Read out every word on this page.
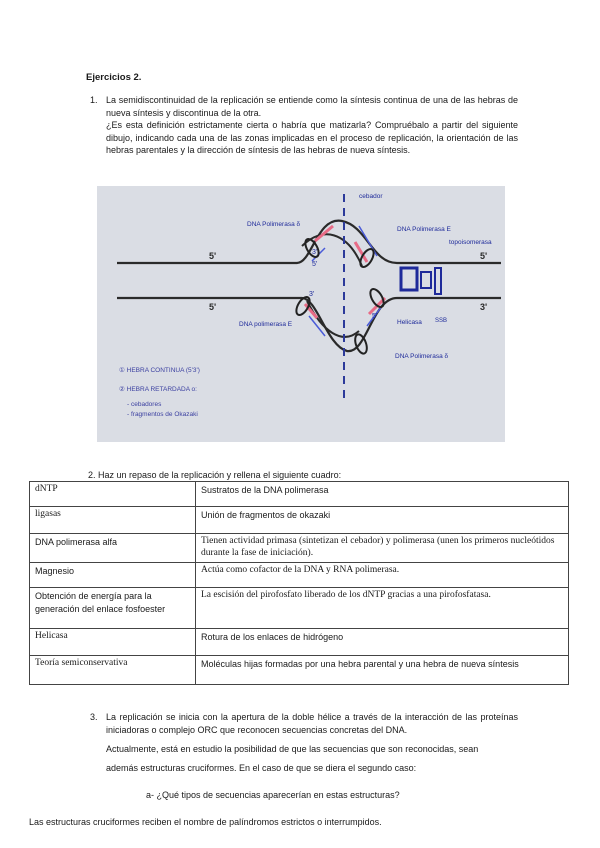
Ejercicios 2.
1. La semidiscontinuidad de la replicación se entiende como la síntesis continua de una de las hebras de nueva síntesis y discontinua de la otra.

¿Es esta definición estrictamente cierta o habría que matizarla? Compruébalo a partir del siguiente dibujo, indicando cada una de las zonas implicadas en el proceso de replicación, la orientación de las hebras parentales y la dirección de síntesis de las hebras de nueva síntesis.

cebador
DNA Polimerasa δ
DNA Polimerasa E
topoisomerasa
5'	5'
5'	3'
3'
5'
3'
5'
DNA polimerasa E	Helicasa SSB
DNA Polimerasa δ
① HEBRA CONTINUA (5'3')
② HEBRA RETARDADA o:
- cebadores
- fragmentos de Okazaki
2. Haz un repaso de la replicación y rellena el siguiente cuadro:
dNTP	Sustratos de la DNA polimerasa
ligasas	Unión de fragmentos de okazaki
DNA polimerasa alfa	Tienen actividad primasa (sintetizan el cebador) y polimerasa (unen los primeros nucleótidos durante la fase de iniciación).
Magnesio	Actúa como cofactor de la DNA y RNA polimerasa.
Obtención de energía para la generación del enlace fosfoester	La escisión del pirofosfato liberado de los dNTP gracias a una pirofosfatasa.
Helicasa	Rotura de los enlaces de hidrógeno
Teoría semiconservativa	Moléculas hijas formadas por una hebra parental y una hebra de nueva síntesis
3. La replicación se inicia con la apertura de la doble hélice a través de la interacción de las proteínas iniciadoras o complejo ORC que reconocen secuencias concretas del DNA.

Actualmente, está en estudio la posibilidad de que las secuencias que son reconocidas, sean

además estructuras cruciformes. En el caso de que se diera el segundo caso:

a- ¿Qué tipos de secuencias aparecerían en estas estructuras?
Las estructuras cruciformes reciben el nombre de palíndromos estrictos o interrumpidos.
